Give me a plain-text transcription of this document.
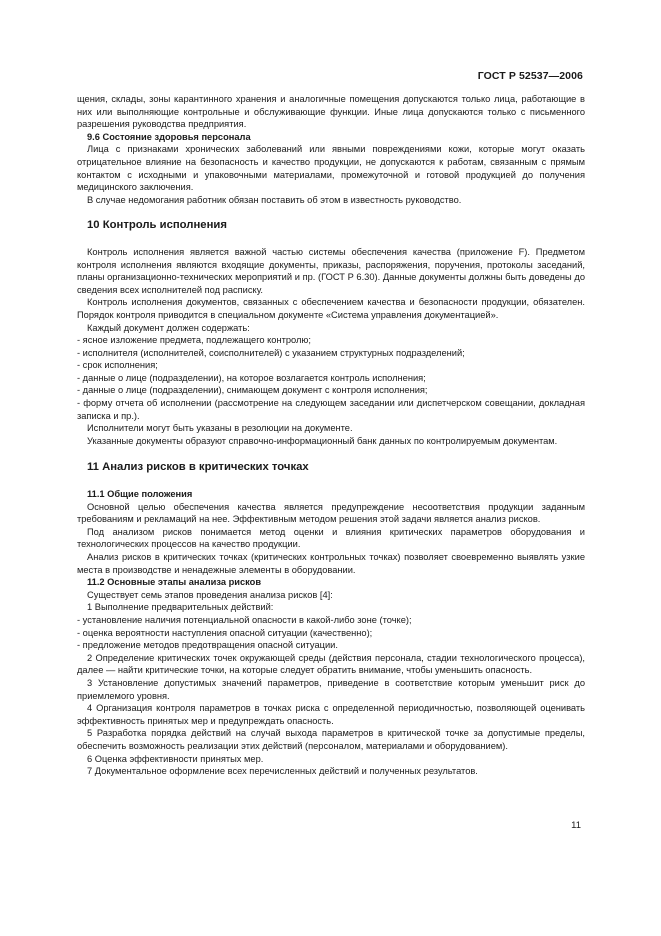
ГОСТ Р 52537—2006

щения, склады, зоны карантинного хранения и аналогичные помещения допускаются только лица, работающие в них или выполняющие контрольные и обслуживающие функции. Иные лица допускаются только с письменного разрешения руководства предприятия.

9.6 Состояние здоровья персонала

Лица с признаками хронических заболеваний или явными повреждениями кожи, которые могут оказать отрицательное влияние на безопасность и качество продукции, не допускаются к работам, связанным с прямым контактом с исходными и упаковочными материалами, промежуточной и готовой продукцией до получения медицинского заключения.

В случае недомогания работник обязан поставить об этом в известность руководство.

10 Контроль исполнения

Контроль исполнения является важной частью системы обеспечения качества (приложение F). Предметом контроля исполнения являются входящие документы, приказы, распоряжения, поручения, протоколы заседаний, планы организационно-технических мероприятий и пр. (ГОСТ Р 6.30). Данные документы должны быть доведены до сведения всех исполнителей под расписку.

Контроль исполнения документов, связанных с обеспечением качества и безопасности продукции, обязателен. Порядок контроля приводится в специальном документе «Система управления документацией».

Каждый документ должен содержать:

- ясное изложение предмета, подлежащего контролю;

- исполнителя (исполнителей, соисполнителей) с указанием структурных подразделений;

- срок исполнения;

- данные о лице (подразделении), на которое возлагается контроль исполнения;

- данные о лице (подразделении), снимающем документ с контроля исполнения;

- форму отчета об исполнении (рассмотрение на следующем заседании или диспетчерском совещании, докладная записка и пр.).

Исполнители могут быть указаны в резолюции на документе.

Указанные документы образуют справочно-информационный банк данных по контролируемым документам.

11 Анализ рисков в критических точках

11.1 Общие положения

Основной целью обеспечения качества является предупреждение несоответствия продукции заданным требованиям и рекламаций на нее. Эффективным методом решения этой задачи является анализ рисков.

Под анализом рисков понимается метод оценки и влияния критических параметров оборудования и технологических процессов на качество продукции.

Анализ рисков в критических точках (критических контрольных точках) позволяет своевременно выявлять узкие места в производстве и ненадежные элементы в оборудовании.

11.2 Основные этапы анализа рисков

Существует семь этапов проведения анализа рисков [4]:

1 Выполнение предварительных действий:

- установление наличия потенциальной опасности в какой-либо зоне (точке);

- оценка вероятности наступления опасной ситуации (качественно);

- предложение методов предотвращения опасной ситуации.

2 Определение критических точек окружающей среды (действия персонала, стадии технологического процесса), далее — найти критические точки, на которые следует обратить внимание, чтобы уменьшить опасность.

3 Установление допустимых значений параметров, приведение в соответствие которым уменьшит риск до приемлемого уровня.

4 Организация контроля параметров в точках риска с определенной периодичностью, позволяющей оценивать эффективность принятых мер и предупреждать опасность.

5 Разработка порядка действий на случай выхода параметров в критической точке за допустимые пределы, обеспечить возможность реализации этих действий (персоналом, материалами и оборудованием).

6 Оценка эффективности принятых мер.

7 Документальное оформление всех перечисленных действий и полученных результатов.

11
